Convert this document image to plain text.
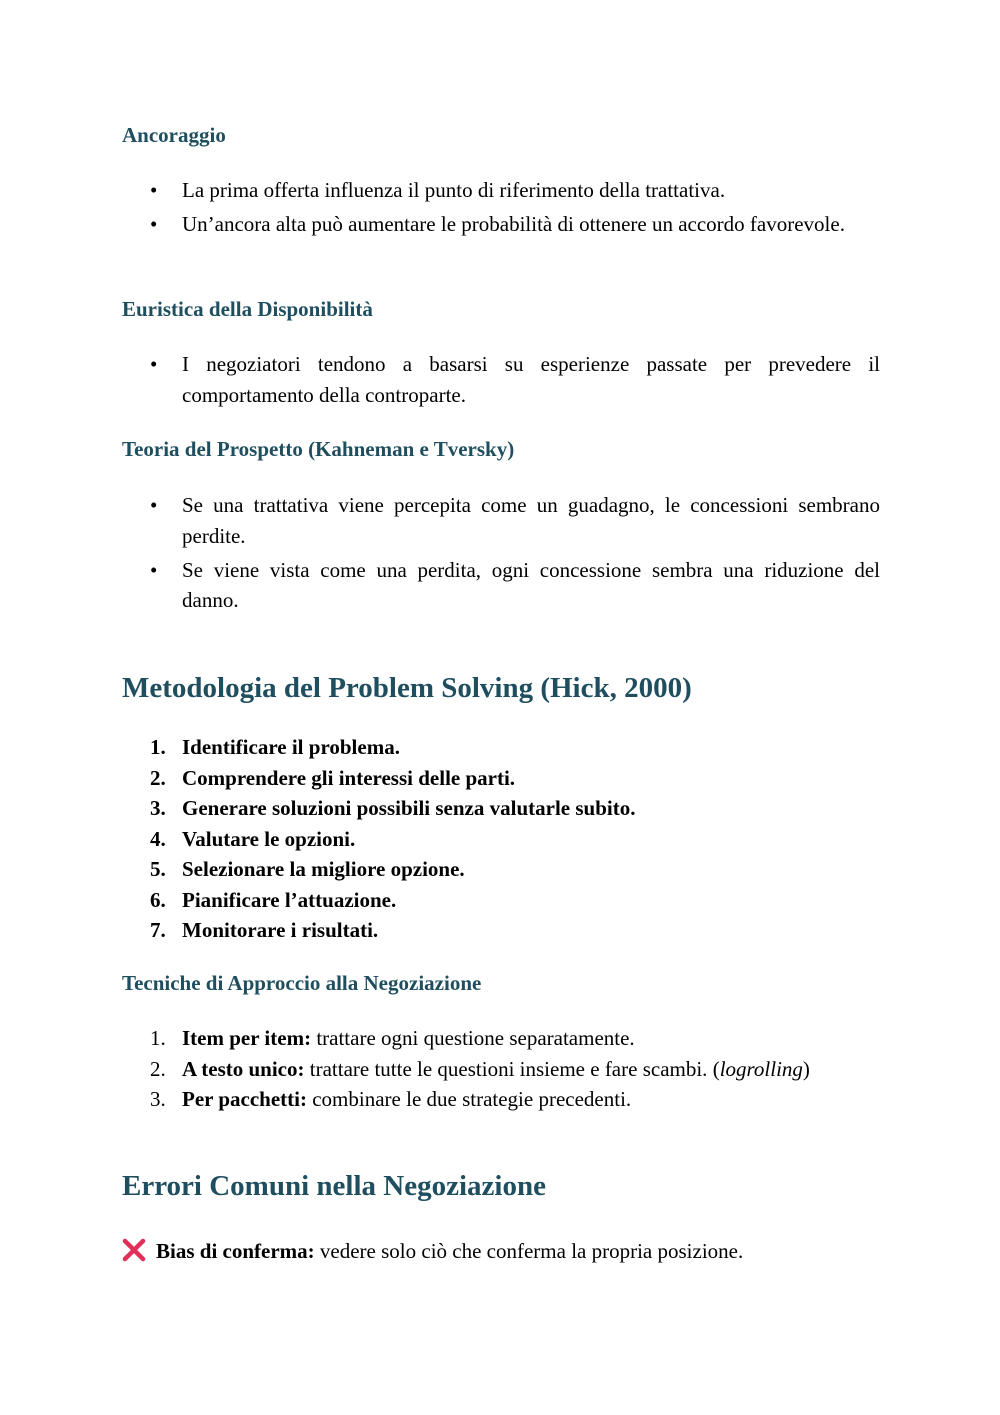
Ancoraggio
• La prima offerta influenza il punto di riferimento della trattativa.
• Un’ancora alta può aumentare le probabilità di ottenere un accordo favorevole.
Euristica della Disponibilità
• I negoziatori tendono a basarsi su esperienze passate per prevedere il comportamento della controparte.
Teoria del Prospetto (Kahneman e Tversky)
• Se una trattativa viene percepita come un guadagno, le concessioni sembrano perdite.
• Se viene vista come una perdita, ogni concessione sembra una riduzione del danno.
Metodologia del Problem Solving (Hick, 2000)
1. Identificare il problema.
2. Comprendere gli interessi delle parti.
3. Generare soluzioni possibili senza valutarle subito.
4. Valutare le opzioni.
5. Selezionare la migliore opzione.
6. Pianificare l’attuazione.
7. Monitorare i risultati.
Tecniche di Approccio alla Negoziazione
1. Item per item: trattare ogni questione separatamente.
2. A testo unico: trattare tutte le questioni insieme e fare scambi. (logrolling)
3. Per pacchetti: combinare le due strategie precedenti.
Errori Comuni nella Negoziazione
Bias di conferma: vedere solo ciò che conferma la propria posizione.
